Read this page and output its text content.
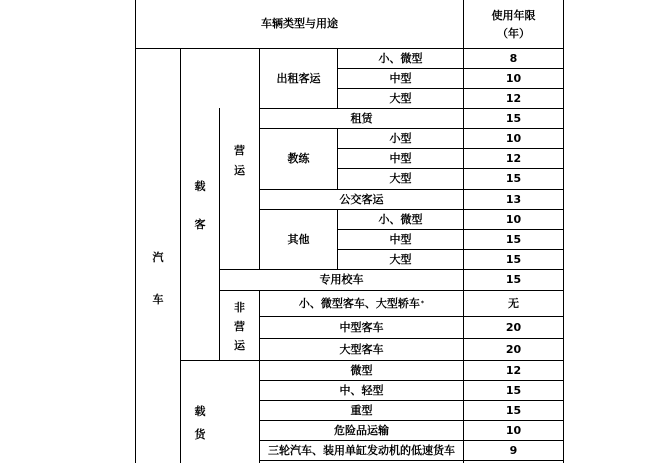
车辆类型与用途
使用年限
（年）
汽
车
载
客
载
货
营
运
非
营
运
出租客运
教练
其他
小、微型
中型
大型
租赁
小型
中型
大型
公交客运
小、微型
中型
大型
专用校车
小、微型客车、大型轿车 *
中型客车
大型客车
微型
中、轻型
重型
危险品运输
三轮汽车、装用单缸发动机的低速货车
8
10
12
15
10
12
15
13
10
15
15
15
无
20
20
12
15
15
10
9
